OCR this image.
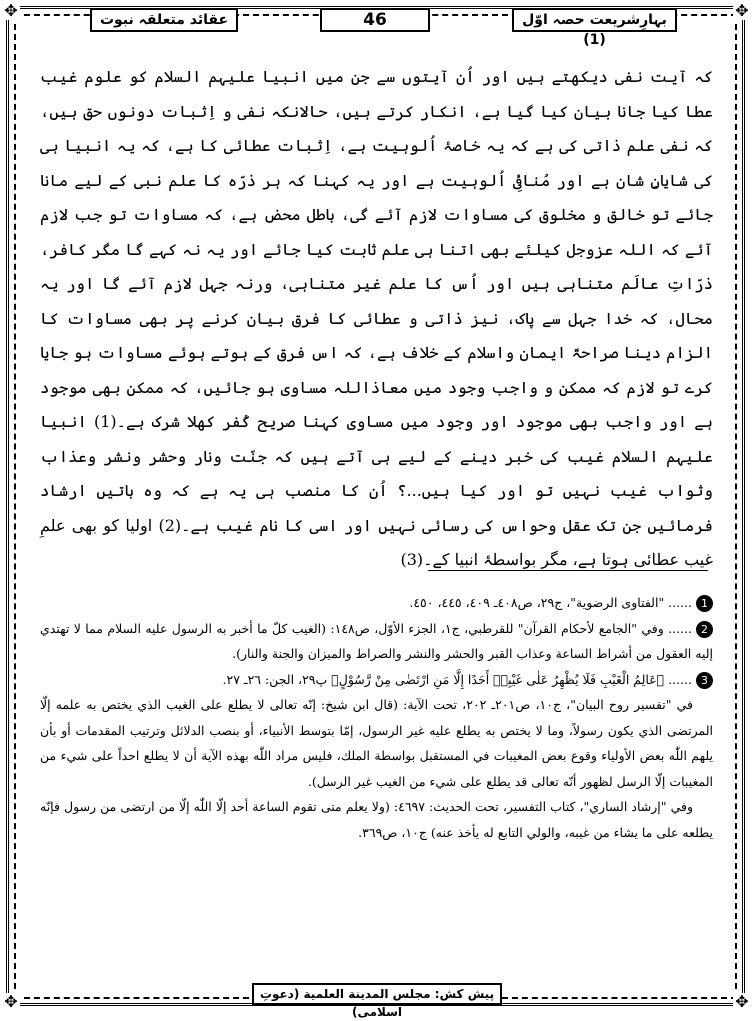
✥	✥
✥	✥
بہارِشریعت حصہ اوّل (1)
46
عقائد متعلقہ نبوت

کہ آیت نفی دیکھتے ہیں اور اُن آیتوں سے جن میں انبیا علیہم السلام کو علوم غیب عطا کیا جانا بیان کیا گیا ہے، انکار کرتے ہیں، حالانکہ نفی و اِثبات دونوں حق ہیں، کہ نفی علم ذاتی کی ہے کہ یہ خاصۂ اُلوہیت ہے، اِثبات عطائی کا ہے، کہ یہ انبیا ہی کی شایانِ شان ہے اور مُنافیِٔ اُلوہیت ہے اور یہ کہنا کہ ہر ذرّہ کا علم نبی کے لیے مانا جائے تو خالق و مخلوق کی مساوات لازم آئے گی، باطل محض ہے، کہ مساوات تو جب لازم آئے کہ اللہ عزوجل کیلئے بھی اتنا ہی علم ثابت کیا جائے اور یہ نہ کہے گا مگر کافر، ذرّاتِ عالَم متناہی ہیں اور اُس کا علم غیر متناہی، ورنہ جہل لازم آئے گا اور یہ محال، کہ خدا جہل سے پاک، نیز ذاتی و عطائی کا فرق بیان کرنے پر بھی مساوات کا الزام دینا صراحۃً ایمان واسلام کے خلاف ہے، کہ اس فرق کے ہوتے ہوئے مساوات ہو جایا کرے تو لازم کہ ممکن و واجب وجود میں معاذاللہ مساوی ہو جائیں، کہ ممکن بھی موجود ہے اور واجب بھی موجود اور وجود میں مساوی کہنا صریح کُفر کھلا شرک ہے۔(1) انبیا علیہم السلام غیب کی خبر دینے کے لیے ہی آتے ہیں کہ جنّت ونار وحشر ونشر وعذاب وثواب غیب نہیں تو اور کیا ہیں...؟ اُن کا منصب ہی یہ ہے کہ وہ باتیں ارشاد فرمائیں جن تک عقل وحواس کی رسائی نہیں اور اسی کا نام غیب ہے۔(2) اولیا کو بھی علمِ غیب عطائی ہوتا ہے، مگر بواسطۂ انبیا کے۔(3)

1...... "الفتاوى الرضوية"، ج٢٩، ص٤٠٨ـ ٤٠٩، ٤٤٥، ٤٥٠.

2...... وفي "الجامع لأحكام القرآن" للقرطبي، ج١، الجزء الأوّل، ص١٤٨: (الغيب كلّ ما أخبر به الرسول عليه السلام مما لا تهتدي إليه العقول من أشراط الساعة وعذاب القبر والحشر والنشر والصراط والميزان والجنة والنار).

3...... ﴿عَالِمُ الْغَيْبِ فَلَا يُظْهِرُ عَلٰى غَيْبِهٖ أَحَدًا إِلَّا مَنِ ارْتَضٰى مِنْ رَّسُوْلٍ﴾ پ٢٩، الجن: ٢٦ـ ٢٧.

في "تفسير روح البيان"، ج١٠، ص٢٠١ـ ٢٠٢، تحت الآية: (قال ابن شيخ: إنّه تعالى لا يطلع على الغيب الذي يختص به علمه إلّا المرتضى الذي يكون رسولاً، وما لا يختص به يطلع عليه غير الرسول، إمّا بتوسط الأنبياء، أو بنصب الدلائل وترتيب المقدمات أو بأن يلهم اللّٰه بعض الأولياء وقوع بعض المغيبات في المستقبل بواسطة الملك، فليس مراد اللّٰه بهذه الآية أن لا يطلع احداً على شيء من المغيبات إلّا الرسل لظهور أنّه تعالى قد يطلع على شيء من الغيب غير الرسل).

وفي "إرشاد الساري"، كتاب التفسير، تحت الحديث: ٤٦٩٧: (ولا يعلم متى تقوم الساعة أحد إلّا اللّٰه إلّا من ارتضى من رسول فإنّه يطلعه على ما يشاء من غيبه، والولي التابع له يأخذ عنه) ج١٠، ص٣٦٩.

پیش کش: مجلس المدينة العلمية (دعوتِ اسلامی)
